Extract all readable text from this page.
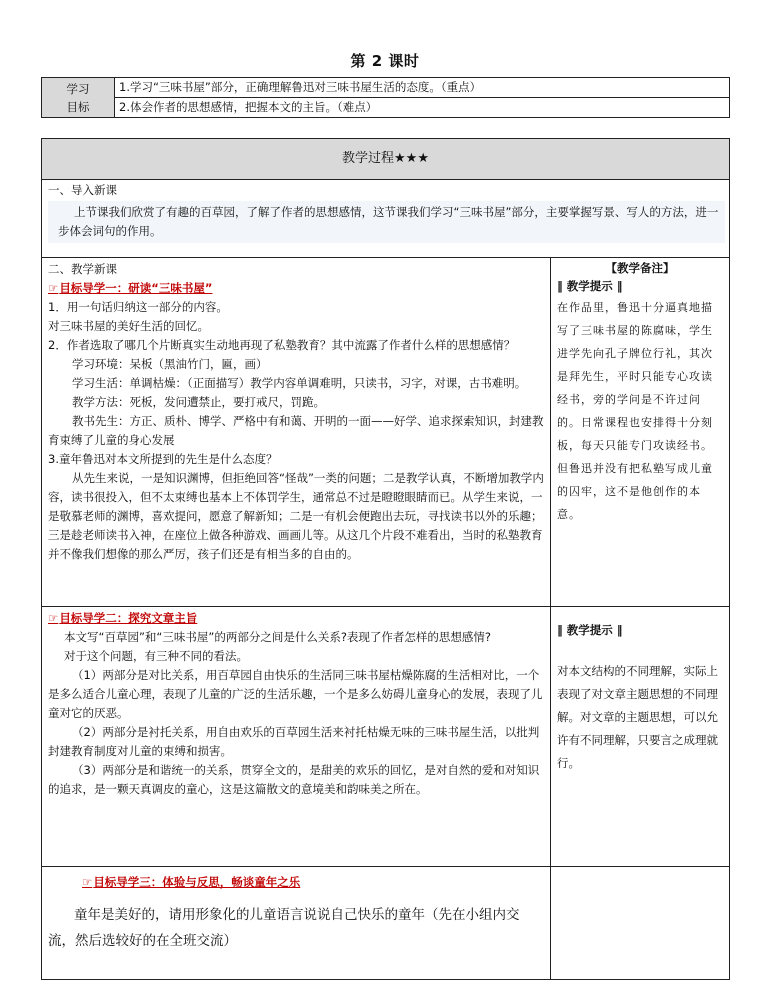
第 2 课时
学习
目标
1.学习“三味书屋”部分，正确理解鲁迅对三味书屋生活的态度。（重点）
2.体会作者的思想感情，把握本文的主旨。（难点）
教学过程★★★
一、导入新课
上节课我们欣赏了有趣的百草园，了解了作者的思想感情，这节课我们学习“三味书屋”部分，主要掌握写景、写人的方法，进一步体会词句的作用。

二、教学新课

☞目标导学一：研读“三味书屋”

1．用一句话归纳这一部分的内容。

对三味书屋的美好生活的回忆。

2．作者选取了哪几个片断真实生动地再现了私塾教育？其中流露了作者什么样的思想感情？

学习环境：呆板（黑油竹门，匾，画）

学习生活：单调枯燥：（正面描写）教学内容单调难明，只读书，习字，对课，古书难明。

教学方法：死板，发问遭禁止，要打戒尺，罚跪。

教书先生：方正、质朴、博学、严格中有和蔼、开明的一面——好学、追求探索知识，封建教育束缚了儿童的身心发展

3.童年鲁迅对本文所提到的先生是什么态度？

从先生来说，一是知识渊博，但拒绝回答“怪哉”一类的问题；二是教学认真，不断增加教学内容，读书很投入，但不太束缚也基本上不体罚学生，通常总不过是瞪瞪眼睛而已。从学生来说，一是敬慕老师的渊博，喜欢提问，愿意了解新知；二是一有机会便跑出去玩，寻找读书以外的乐趣；三是趁老师读书入神，在座位上做各种游戏、画画儿等。从这几个片段不难看出，当时的私塾教育并不像我们想像的那么严厉，孩子们还是有相当多的自由的。

☞目标导学二：探究文章主旨

本文写“百草园”和“三味书屋”的两部分之间是什么关系?表现了作者怎样的思想感情?

对于这个问题，有三种不同的看法。

（1）两部分是对比关系，用百草园自由快乐的生活同三味书屋枯燥陈腐的生活相对比，一个是多么适合儿童心理，表现了儿童的广泛的生活乐趣，一个是多么妨碍儿童身心的发展，表现了儿童对它的厌恶。

（2）两部分是衬托关系，用自由欢乐的百草园生活来衬托枯燥无味的三味书屋生活，以批判封建教育制度对儿童的束缚和损害。

（3）两部分是和谐统一的关系，贯穿全文的，是甜美的欢乐的回忆，是对自然的爱和对知识的追求，是一颗天真调皮的童心，这是这篇散文的意境美和韵味美之所在。

☞目标导学三：体验与反思，畅谈童年之乐

童年是美好的，请用形象化的儿童语言说说自己快乐的童年（先在小组内交流，然后选较好的在全班交流）

【教学备注】

‖ 教学提示 ‖

在作品里，鲁迅十分逼真地描写了三味书屋的陈腐味，学生进学先向孔子牌位行礼，其次是拜先生，平时只能专心攻读经书，旁的学问是不许过问的。日常课程也安排得十分刻板，每天只能专门攻读经书。但鲁迅并没有把私塾写成儿童的囚牢，这不是他创作的本意。

‖ 教学提示 ‖

对本文结构的不同理解，实际上表现了对文章主题思想的不同理解。对文章的主题思想，可以允许有不同理解，只要言之成理就行。
